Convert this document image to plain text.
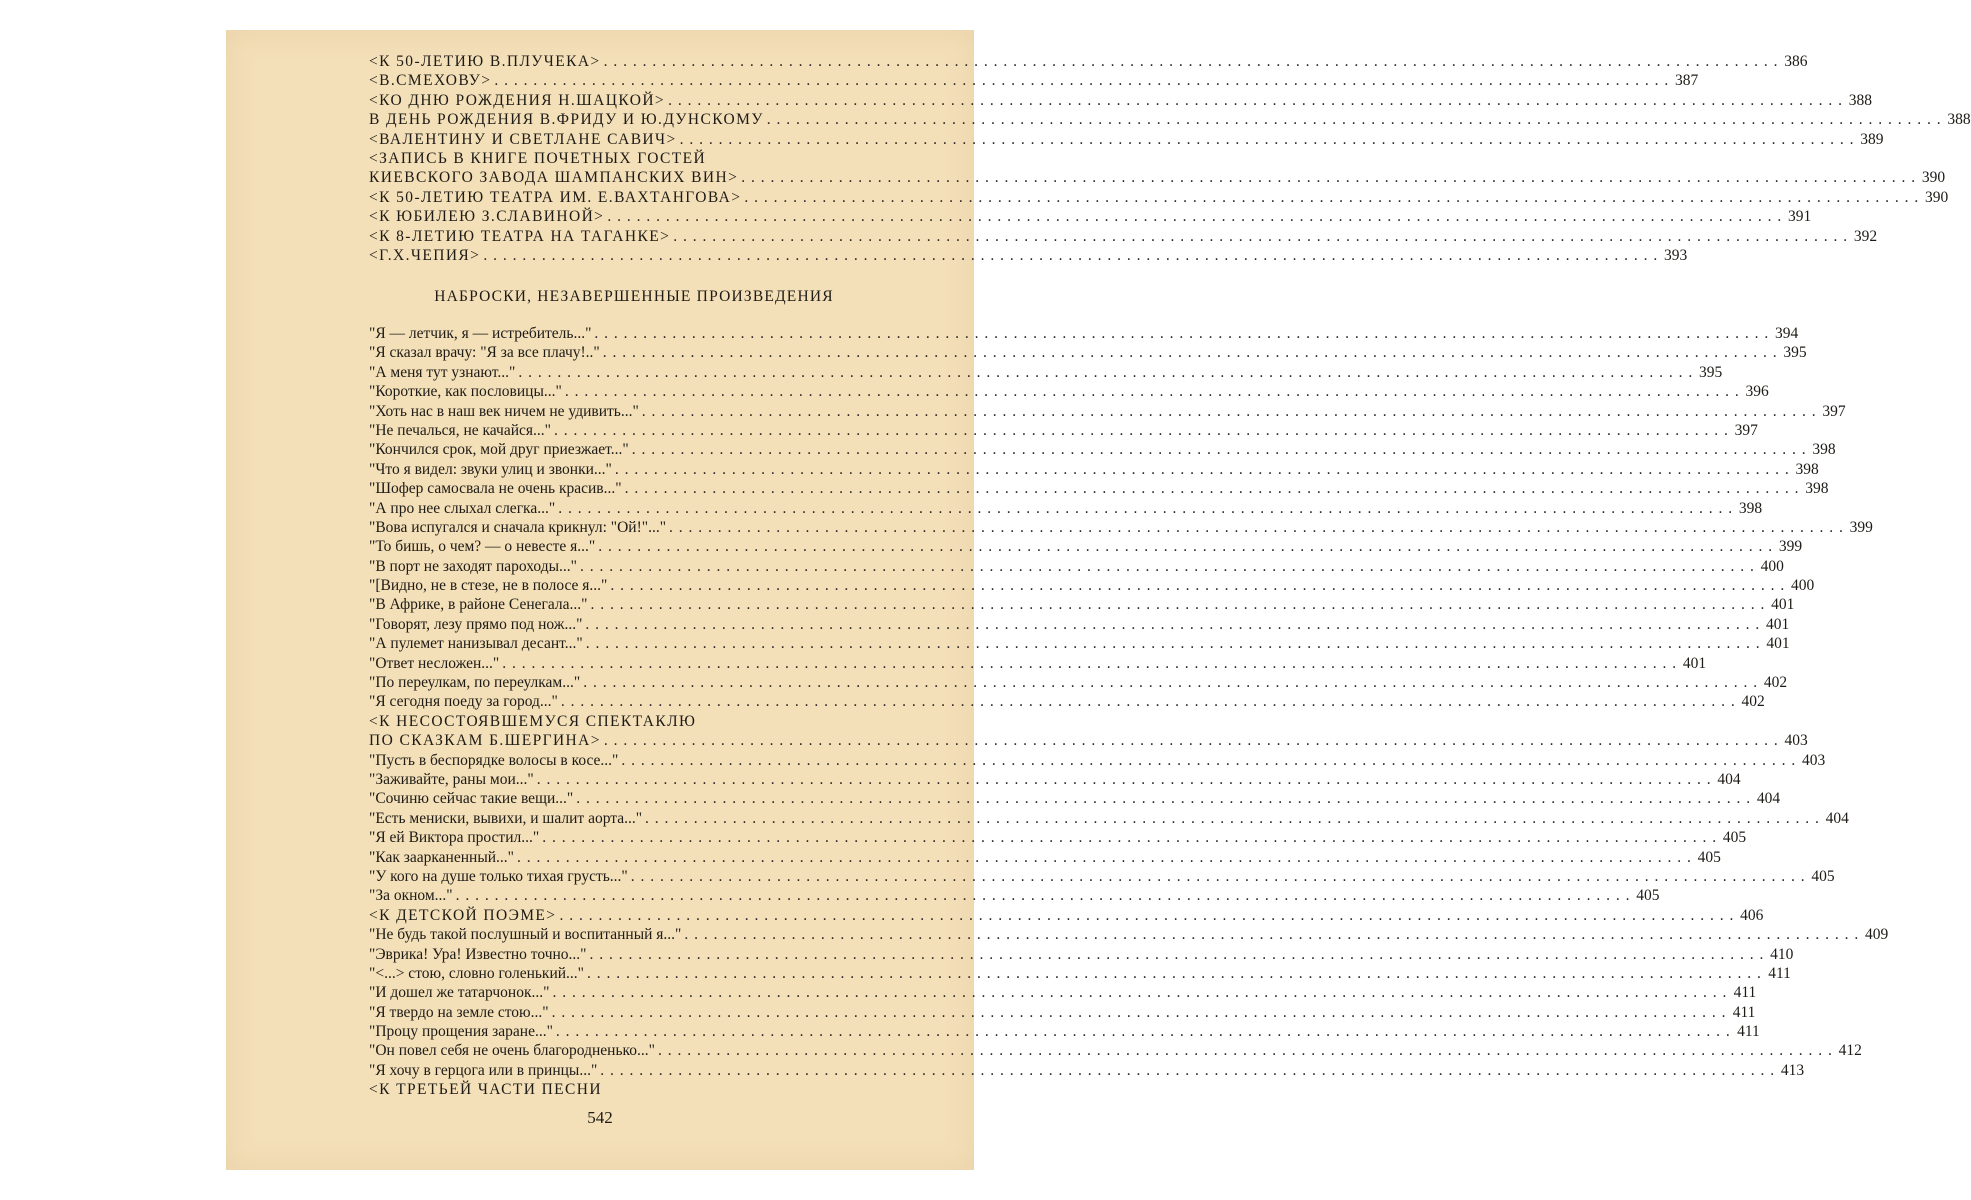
<К 50-ЛЕТИЮ В.ПЛУЧЕКА> . . .	386
<В.СМЕХОВУ> . . .	387
<КО ДНЮ РОЖДЕНИЯ Н.ШАЦКОЙ> . . .	388
В ДЕНЬ РОЖДЕНИЯ В.ФРИДУ И Ю.ДУНСКОМУ . . .	388
<ВАЛЕНТИНУ И СВЕТЛАНЕ САВИЧ> . . .	389
<ЗАПИСЬ В КНИГЕ ПОЧЕТНЫХ ГОСТЕЙ
КИЕВСКОГО ЗАВОДА ШАМПАНСКИХ ВИН> . . .	390
<К 50-ЛЕТИЮ ТЕАТРА ИМ. Е.ВАХТАНГОВА> . . .	390
<К ЮБИЛЕЮ З.СЛАВИНОЙ> . . .	391
<К 8-ЛЕТИЮ ТЕАТРА НА ТАГАНКЕ> . . .	392
<Г.Х.ЧЕПИЯ> . . .	393
НАБРОСКИ, НЕЗАВЕРШЕННЫЕ ПРОИЗВЕДЕНИЯ
"Я — летчик, я — истребитель..." . . .	394
"Я сказал врачу: "Я за все плачу!.." . . .	395
"А меня тут узнают..." . . .	395
"Короткие, как пословицы..." . . .	396
"Хоть нас в наш век ничем не удивить..." . . .	397
"Не печалься, не качайся..." . . .	397
"Кончился срок, мой друг приезжает..." . . .	398
"Что я видел: звуки улиц и звонки..." . . .	398
"Шофер самосвала не очень красив..." . . .	398
"А про нее слыхал слегка..." . . .	398
"Вова испугался и сначала крикнул: "Ой!"..." . . .	399
"То бишь, о чем? — о невесте я..." . . .	399
"В порт не заходят пароходы..." . . .	400
"[Видно, не в стезе, не в полосе я..." . . .	400
"В Африке, в районе Сенегала..." . . .	401
"Говорят, лезу прямо под нож..." . . .	401
"А пулемет нанизывал десант..." . . .	401
"Ответ несложен..." . . .	401
"По переулкам, по переулкам..." . . .	402
"Я сегодня поеду за город..." . . .	402
<К НЕСОСТОЯВШЕМУСЯ СПЕКТАКЛЮ
ПО СКАЗКАМ Б.ШЕРГИНА> . . .	403
"Пусть в беспорядке волосы в косе..." . . .	403
"Заживайте, раны мои..." . . .	404
"Сочиню сейчас такие вещи..." . . .	404
"Есть мениски, вывихи, и шалит аорта..." . . .	404
"Я ей Виктора простил..." . . .	405
"Как заарканенный..." . . .	405
"У кого на душе только тихая грусть..." . . .	405
"За окном..." . . .	405
<К ДЕТСКОЙ ПОЭМЕ> . . .	406
"Не будь такой послушный и воспитанный я..." . . .	409
"Эврика! Ура! Известно точно..." . . .	410
"<...> стою, словно голенький..." . . .	411
"И дошел же татарчонок..." . . .	411
"Я твердо на земле стою..." . . .	411
"Процу прощения заране..." . . .	411
"Он повел себя не очень благородненько..." . . .	412
"Я хочу в герцога или в принцы..." . . .	413
<К ТРЕТЬЕЙ ЧАСТИ ПЕСНИ
542
